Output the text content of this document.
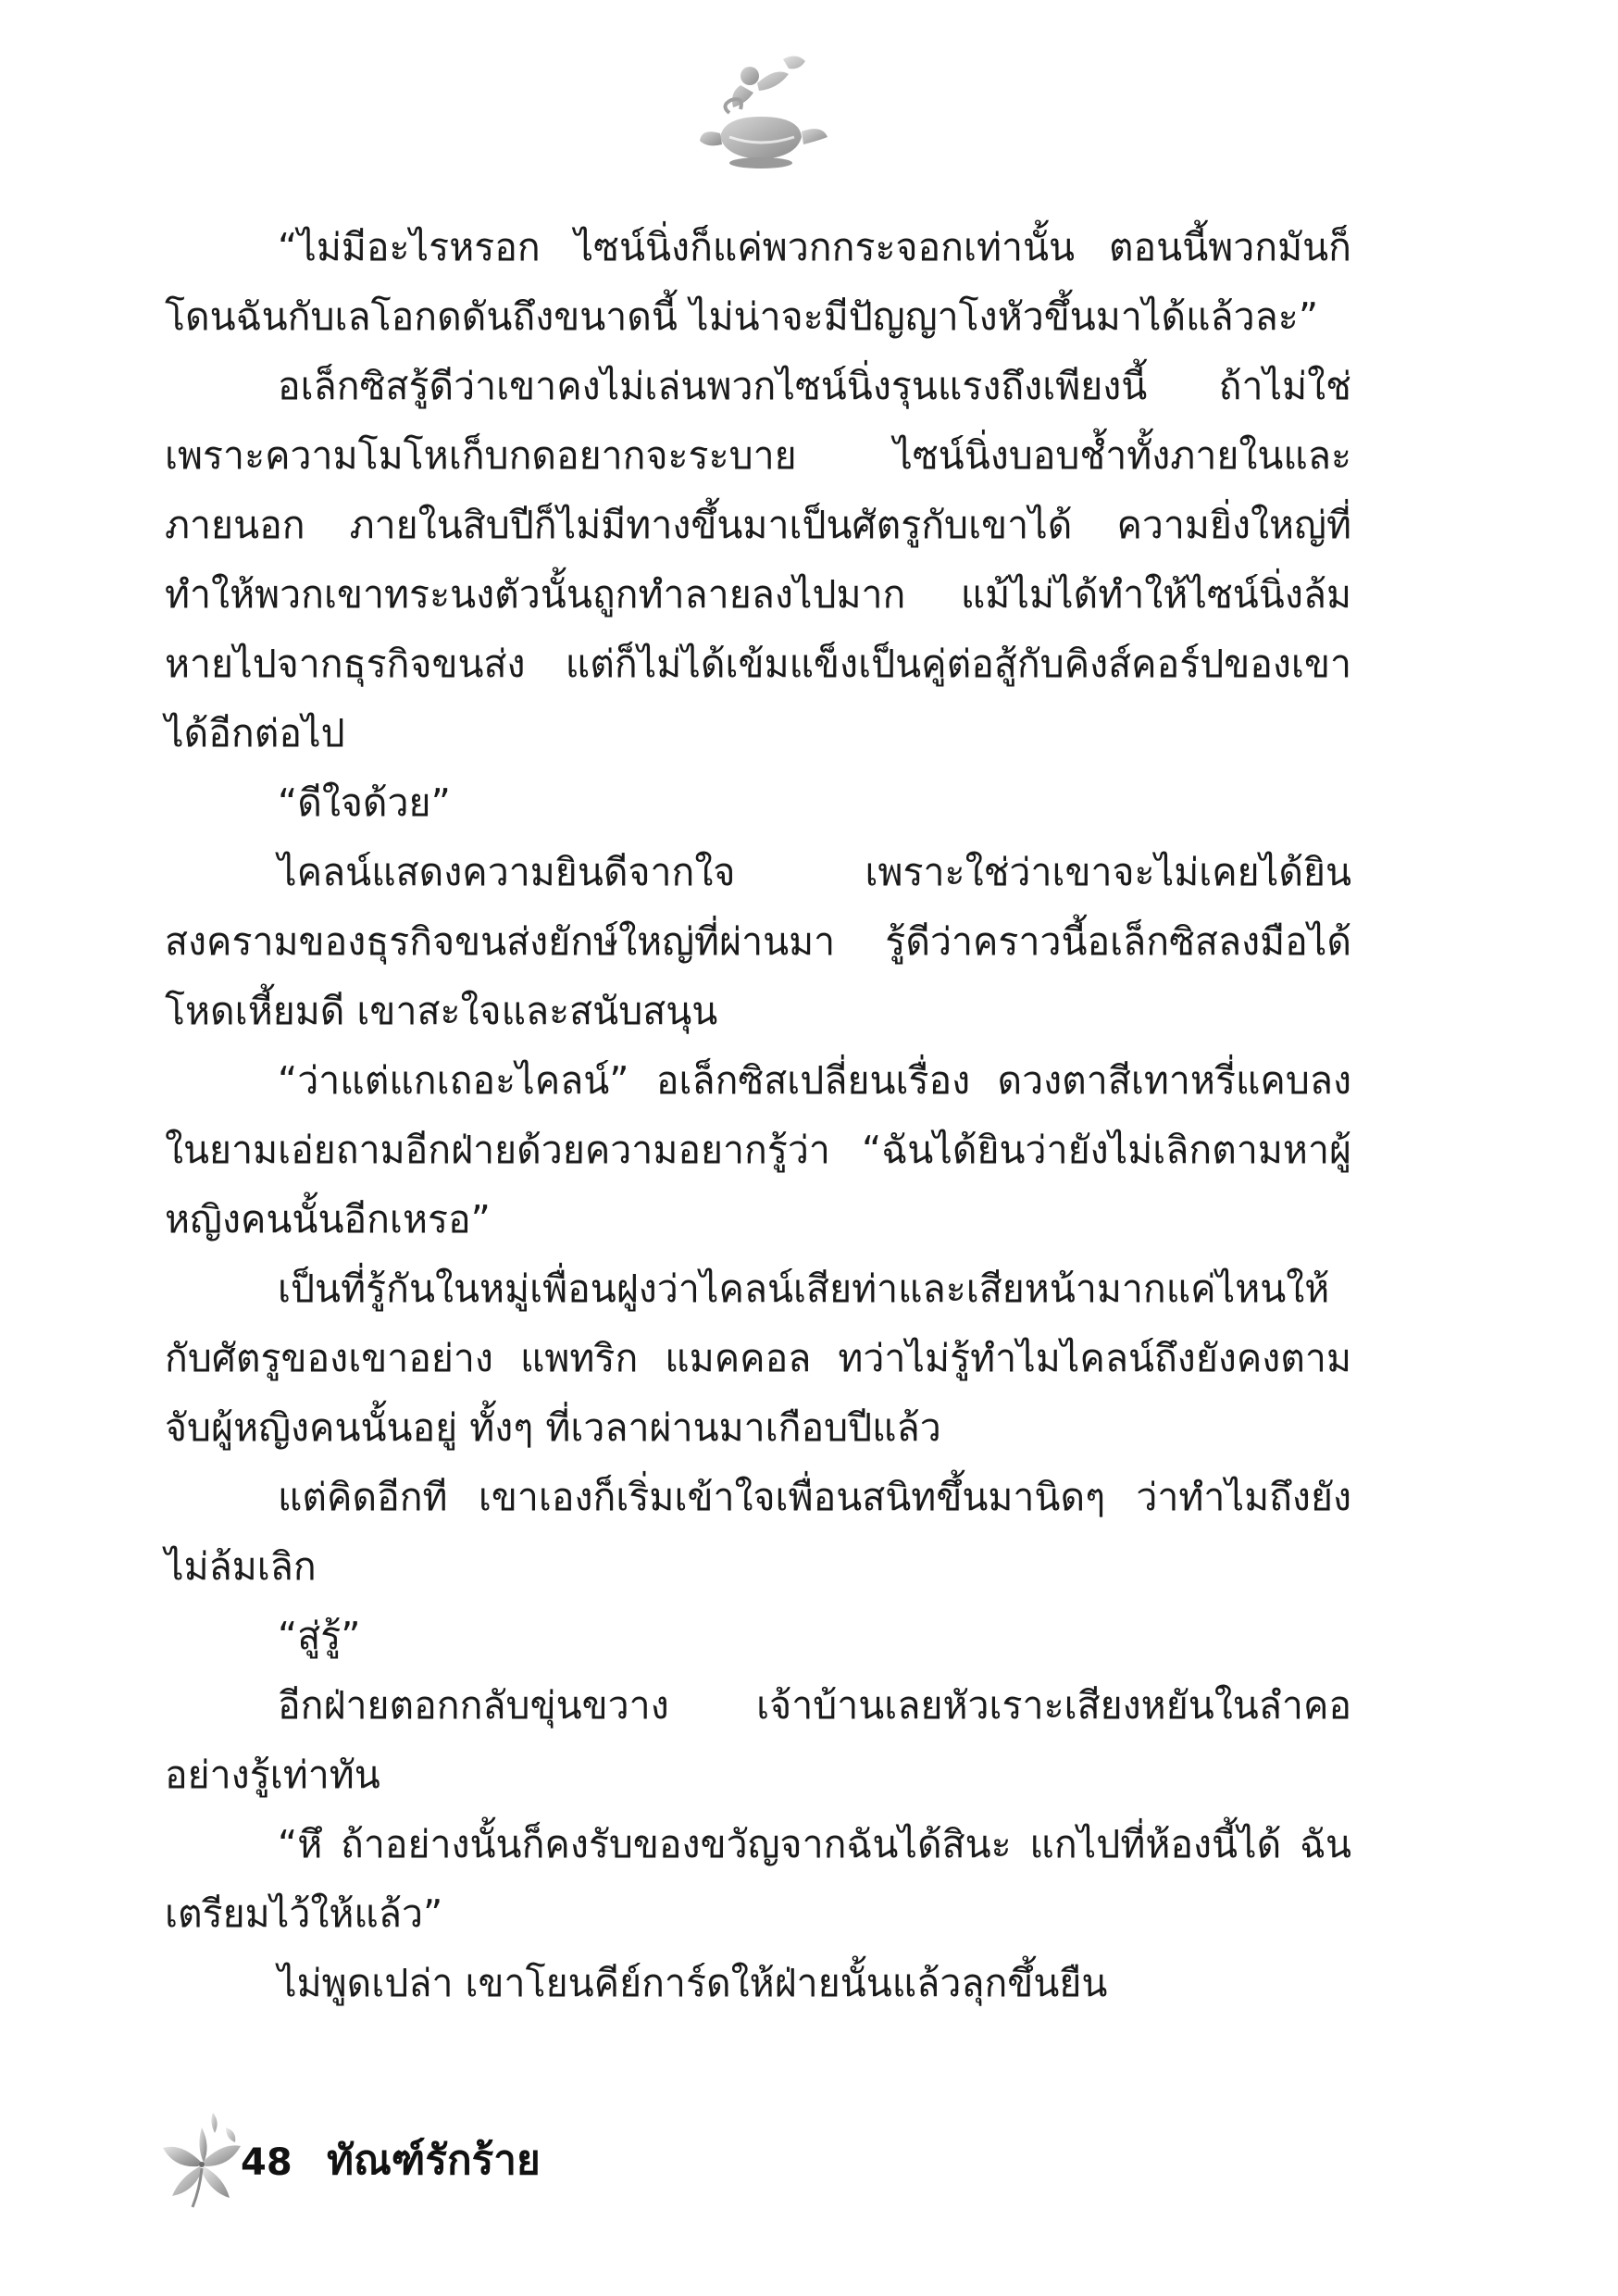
“ไม่มีอะไรหรอก ไซน์นิ่งก็แค่พวกกระจอกเท่านั้น ตอนนี้พวกมันก็โดนฉันกับเลโอกดดันถึงขนาดนี้ ไม่น่าจะมีปัญญาโงหัวขึ้นมาได้แล้วละ”

อเล็กซิสรู้ดีว่าเขาคงไม่เล่นพวกไซน์นิ่งรุนแรงถึงเพียงนี้ ถ้าไม่ใช่เพราะความโมโหเก็บกดอยากจะระบาย ไซน์นิ่งบอบช้ำทั้งภายในและภายนอก ภายในสิบปีก็ไม่มีทางขึ้นมาเป็นศัตรูกับเขาได้ ความยิ่งใหญ่ที่ทำให้พวกเขาทระนงตัวนั้นถูกทำลายลงไปมาก แม้ไม่ได้ทำให้ไซน์นิ่งล้มหายไปจากธุรกิจขนส่ง แต่ก็ไม่ได้เข้มแข็งเป็นคู่ต่อสู้กับคิงส์คอร์ปของเขาได้อีกต่อไป

“ดีใจด้วย”

ไคลน์แสดงความยินดีจากใจ เพราะใช่ว่าเขาจะไม่เคยได้ยินสงครามของธุรกิจขนส่งยักษ์ใหญ่ที่ผ่านมา รู้ดีว่าคราวนี้อเล็กซิสลงมือได้โหดเหี้ยมดี เขาสะใจและสนับสนุน

“ว่าแต่แกเถอะไคลน์” อเล็กซิสเปลี่ยนเรื่อง ดวงตาสีเทาหรี่แคบลงในยามเอ่ยถามอีกฝ่ายด้วยความอยากรู้ว่า “ฉันได้ยินว่ายังไม่เลิกตามหาผู้หญิงคนนั้นอีกเหรอ”

เป็นที่รู้กันในหมู่เพื่อนฝูงว่าไคลน์เสียท่าและเสียหน้ามากแค่ไหนให้กับศัตรูของเขาอย่าง แพทริก แมคคอล ทว่าไม่รู้ทำไมไคลน์ถึงยังคงตามจับผู้หญิงคนนั้นอยู่ ทั้งๆ ที่เวลาผ่านมาเกือบปีแล้ว

แต่คิดอีกที เขาเองก็เริ่มเข้าใจเพื่อนสนิทขึ้นมานิดๆ ว่าทำไมถึงยังไม่ล้มเลิก

“สู่รู้”

อีกฝ่ายตอกกลับขุ่นขวาง เจ้าบ้านเลยหัวเราะเสียงหยันในลำคออย่างรู้เท่าทัน

“หึ ถ้าอย่างนั้นก็คงรับของขวัญจากฉันได้สินะ แกไปที่ห้องนี้ได้ ฉันเตรียมไว้ให้แล้ว”

ไม่พูดเปล่า เขาโยนคีย์การ์ดให้ฝ่ายนั้นแล้วลุกขึ้นยืน

48 ทัณฑ์รักร้าย
